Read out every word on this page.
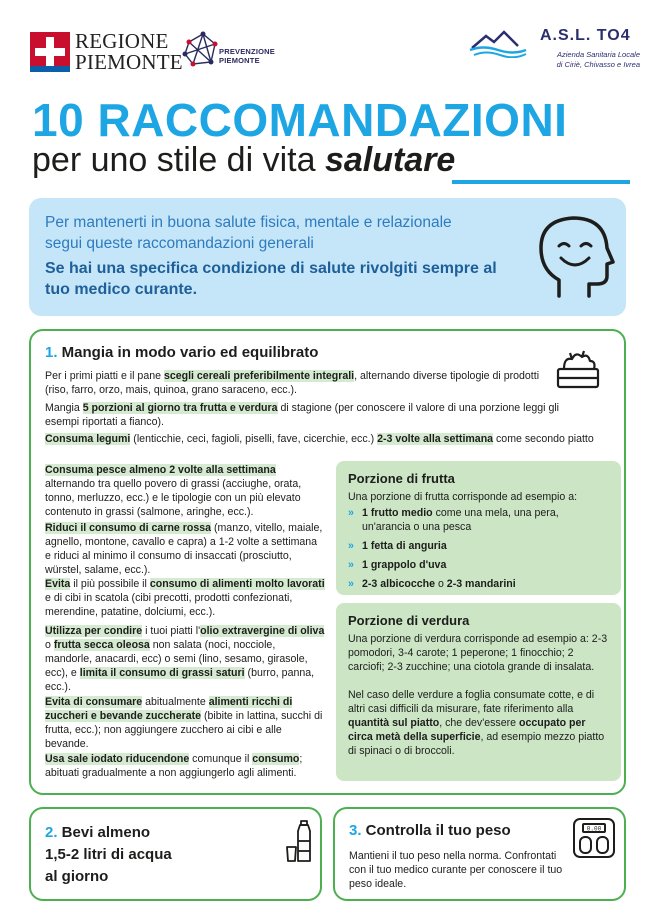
REGIONE
PIEMONTE	PREVENZIONE
PIEMONTE
A.S.L. TO4
Azienda Sanitaria Locale
di Ciriè, Chivasso e Ivrea
10 RACCOMANDAZIONI
per uno stile di vita salutare

Per mantenerti in buona salute fisica, mentale e relazionale
segui queste raccomandazioni generali

Se hai una specifica condizione di salute rivolgiti sempre al tuo medico curante.

1. Mangia in modo vario ed equilibrato
Per i primi piatti e il pane scegli cereali preferibilmente integrali, alternando diverse tipologie di prodotti (riso, farro, orzo, mais, quinoa, grano saraceno, ecc.).
Mangia 5 porzioni al giorno tra frutta e verdura di stagione (per conoscere il valore di una porzione leggi gli esempi riportati a fianco).
Consuma legumi (lenticchie, ceci, fagioli, piselli, fave, cicerchie, ecc.) 2-3 volte alla settimana come secondo piatto
Consuma pesce almeno 2 volte alla settimana alternando tra quello povero di grassi (acciughe, orata, tonno, merluzzo, ecc.) e le tipologie con un più elevato contenuto in grassi (salmone, aringhe, ecc.).
Riduci il consumo di carne rossa (manzo, vitello, maiale, agnello, montone, cavallo e capra) a 1-2 volte a settimana e riduci al minimo il consumo di insaccati (prosciutto, würstel, salame, ecc.).
Evita il più possibile il consumo di alimenti molto lavorati e di cibi in scatola (cibi precotti, prodotti confezionati, merendine, patatine, dolciumi, ecc.).
Utilizza per condire i tuoi piatti l'olio extravergine di oliva o frutta secca oleosa non salata (noci, nocciole, mandorle, anacardi, ecc) o semi (lino, sesamo, girasole, ecc), e limita il consumo di grassi saturi (burro, panna, ecc.).
Evita di consumare abitualmente alimenti ricchi di zuccheri e bevande zuccherate (bibite in lattina, succhi di frutta, ecc.); non aggiungere zucchero ai cibi e alle bevande.
Usa sale iodato riducendone comunque il consumo; abituati gradualmente a non aggiungerlo agli alimenti.
Porzione di frutta
Una porzione di frutta corrisponde ad esempio a:
» 1 frutto medio come una mela, una pera, un'arancia o una pesca
» 1 fetta di anguria
» 1 grappolo d'uva
» 2-3 albicocche o 2-3 mandarini
Porzione di verdura
Una porzione di verdura corrisponde ad esempio a: 2-3 pomodori, 3-4 carote; 1 peperone; 1 finocchio; 2 carciofi; 2-3 zucchine; una ciotola grande di insalata.
Nel caso delle verdure a foglia consumate cotte, e di altri casi difficili da misurare, fate riferimento alla quantità sul piatto, che dev'essere occupato per circa metà della superficie, ad esempio mezzo piatto di spinaci o di broccoli.
2. Bevi almeno
1,5-2 litri di acqua
al giorno
3. Controlla il tuo peso
Mantieni il tuo peso nella norma. Confrontati con il tuo medico curante per conoscere il tuo peso ideale.
0.00
